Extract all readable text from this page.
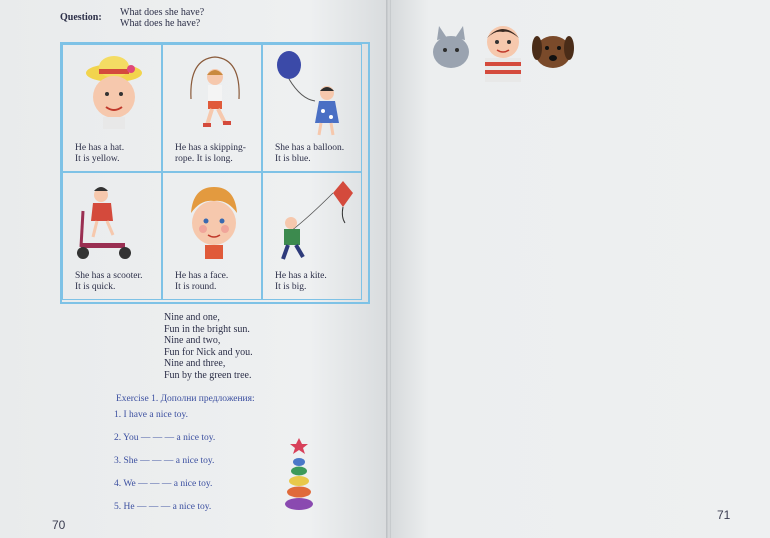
Question: What does she have?
What does he have?
He has a hat.
It is yellow.
He has a skipping-
rope. It is long.
She has a balloon.
It is blue.
She has a scooter.
It is quick.
He has a face.
It is round.
He has a kite.
It is big.
Nine and one,
Fun in the bright sun.
Nine and two,
Fun for Nick and you.
Nine and three,
Fun by the green tree.
Exercise 1. Дополни предложения:
1. I have a nice toy.
2. You — — — a nice toy.
3. She — — — a nice toy.
4. We — — — a nice toy.
5. He — — — a nice toy.
70
71
